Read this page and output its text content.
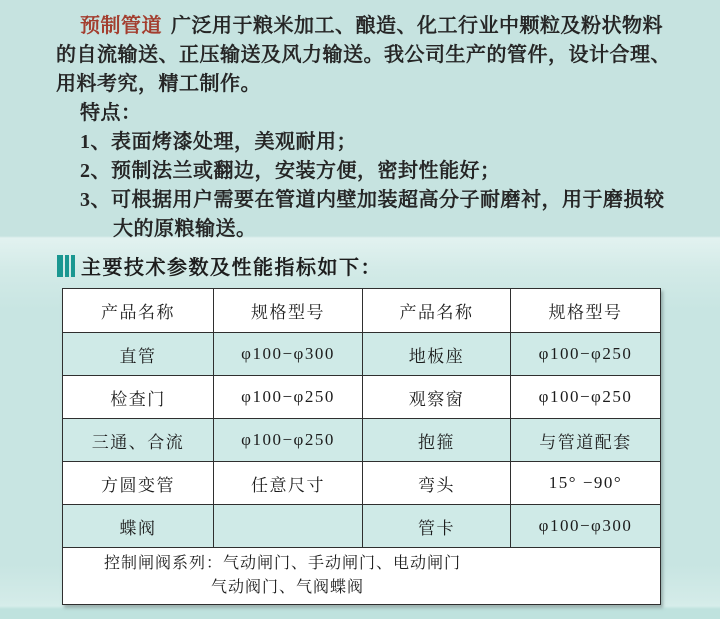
预制管道 广泛用于粮米加工、酿造、化工行业中颗粒及粉状物料
的自流输送、正压输送及风力输送。我公司生产的管件，设计合理、
用料考究，精工制作。
特点：
1、表面烤漆处理，美观耐用；
2、预制法兰或翻边，安装方便，密封性能好；
3、可根据用户需要在管道内壁加装超高分子耐磨衬，用于磨损较
大的原粮输送。
主要技术参数及性能指标如下：
产品名称	规格型号	产品名称	规格型号
直管	φ100−φ300	地板座	φ100−φ250
检查门	φ100−φ250	观察窗	φ100−φ250
三通、合流	φ100−φ250	抱箍	与管道配套
方圆变管	任意尺寸	弯头	15° −90°
蝶阀		管卡	φ100−φ300

控制闸阀系列：气动闸门、手动闸门、电动闸门
气动阀门、气阀蝶阀			
